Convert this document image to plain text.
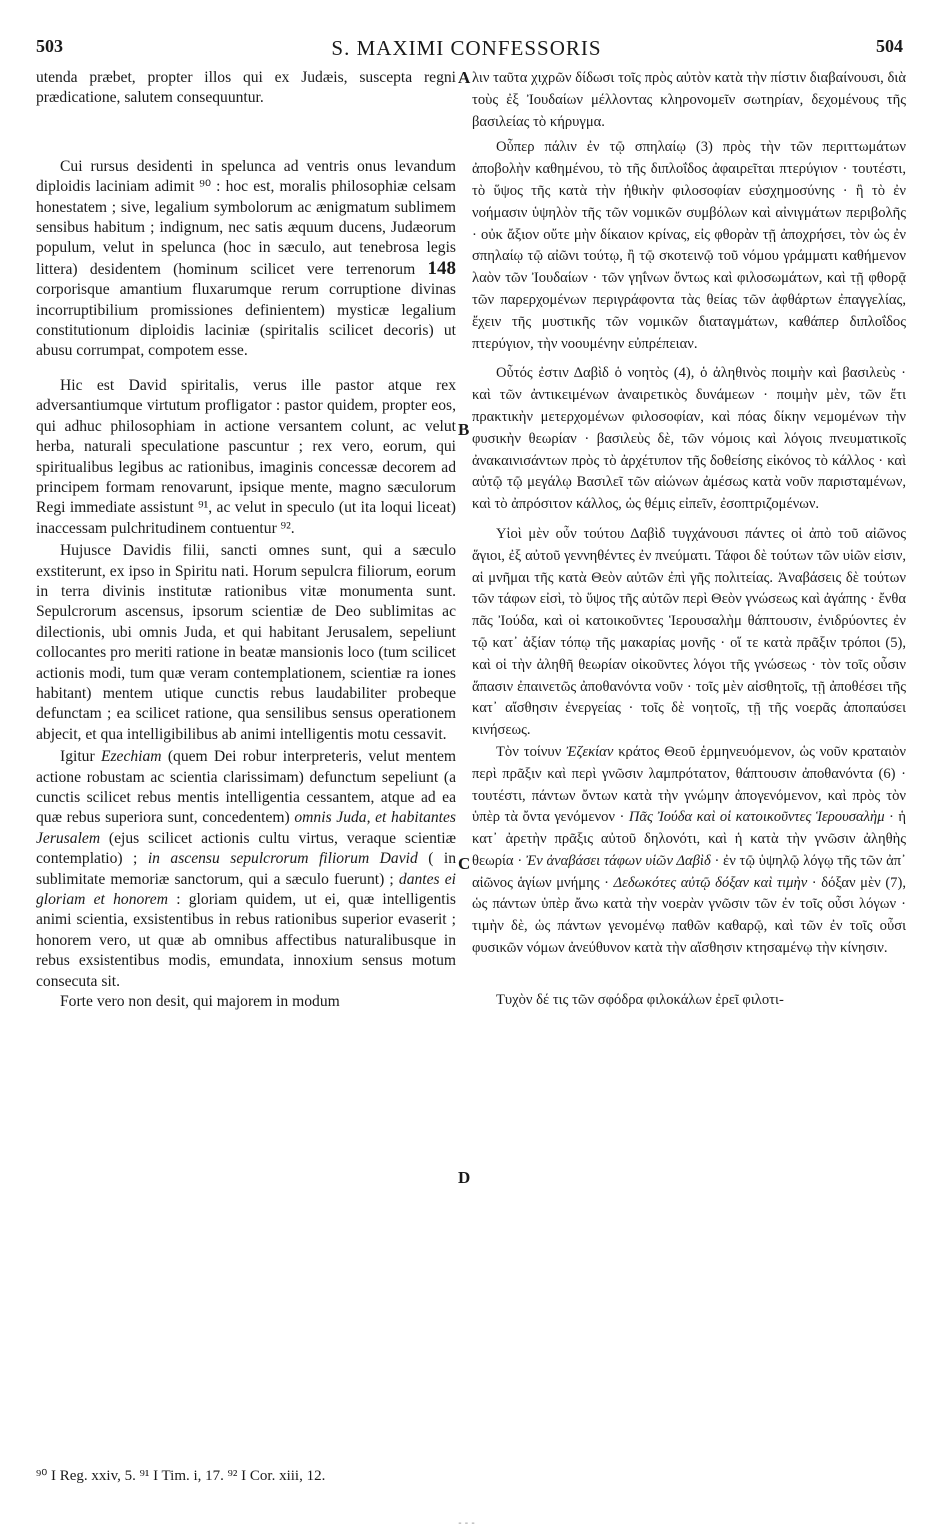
503	S. MAXIMI CONFESSORIS	504
A
B
C
D

utenda præbet, propter illos qui ex Judæis, suscepta regni prædicatione, salutem consequuntur.

Cui rursus desidenti in spelunca ad ventris onus levandum diploidis laciniam adimit ⁹⁰ : hoc est, moralis philosophiæ celsam honestatem ; sive, legalium symbolorum ac ænigmatum sublimem sensibus habitum ; indignum, nec satis æquum ducens, Judæorum populum, velut in spelunca (hoc in sæculo, aut tenebrosa legis littera) desidentem (hominum scilicet vere terrenorum 148 corporisque amantium fluxarumque rerum corruptione divinas incorruptibilium promissiones definientem) mysticæ legalium constitutionum diploidis laciniæ (spiritalis scilicet decoris) ut abusu corrumpat, compotem esse.

Hic est David spiritalis, verus ille pastor atque rex adversantiumque virtutum profligator : pastor quidem, propter eos, qui adhuc philosophiam in actione versantem colunt, ac velut herba, naturali speculatione pascuntur ; rex vero, eorum, qui spiritualibus legibus ac rationibus, imaginis concessæ decorem ad principem formam renovarunt, ipsique mente, magno sæculorum Regi immediate assistunt ⁹¹, ac velut in speculo (ut ita loqui liceat) inaccessam pulchritudinem contuentur ⁹².

Hujusce Davidis filii, sancti omnes sunt, qui a sæculo exstiterunt, ex ipso in Spiritu nati. Horum sepulcra filiorum, eorum in terra divinis institutæ rationibus vitæ monumenta sunt. Sepulcrorum ascensus, ipsorum scientiæ de Deo sublimitas ac dilectionis, ubi omnis Juda, et qui habitant Jerusalem, sepeliunt collocantes pro meriti ratione in beatæ mansionis loco (tum scilicet actionis modi, tum quæ veram contemplationem, scientiæ ra iones habitant) mentem utique cunctis rebus laudabiliter probeque defunctam ; ea scilicet ratione, qua sensilibus sensus operationem abjecit, et qua intelligibilibus ab animi intelligentis motu cessavit.

Igitur Ezechiam (quem Dei robur interpreteris, velut mentem actione robustam ac scientia clarissimam) defunctum sepeliunt (a cunctis scilicet rebus mentis intelligentia cessantem, atque ad ea quæ rebus superiora sunt, concedentem) omnis Juda, et habitantes Jerusalem (ejus scilicet actionis cultu virtus, veraque scientiæ contemplatio) ; in ascensu sepulcrorum filiorum David ( in sublimitate memoriæ sanctorum, qui a sæculo fuerunt) ; dantes ei gloriam et honorem : gloriam quidem, ut ei, quæ intelligentis animi scientia, exsistentibus in rebus rationibus superior evaserit ; honorem vero, ut quæ ab omnibus affectibus naturalibusque in rebus exsistentibus modis, emundata, innoxium sensus motum consecuta sit.

Forte vero non desit, qui majorem in modum

λιν ταῦτα χιχρῶν δίδωσι τοῖς πρὸς αὐτὸν κατὰ τὴν πίστιν διαβαίνουσι, διὰ τοὺς ἐξ Ἰουδαίων μέλλοντας κληρονομεῖν σωτηρίαν, δεχομένους τῆς βασιλείας τὸ κήρυγμα.

Οὗπερ πάλιν ἐν τῷ σπηλαίῳ (3) πρὸς τὴν τῶν περιττωμάτων ἀποβολὴν καθημένου, τὸ τῆς διπλοΐδος ἀφαιρεῖται πτερύγιον · τουτέστι, τὸ ὕψος τῆς κατὰ τὴν ἠθικὴν φιλοσοφίαν εὐσχημοσύνης · ἢ τὸ ἐν νοήμασιν ὑψηλὸν τῆς τῶν νομικῶν συμβόλων καὶ αἰνιγμάτων περιβολῆς · οὐκ ἄξιον οὔτε μὴν δίκαιον κρίνας, εἰς φθορὰν τῇ ἀποχρήσει, τὸν ὡς ἐν σπηλαίῳ τῷ αἰῶνι τούτῳ, ἢ τῷ σκοτεινῷ τοῦ νόμου γράμματι καθήμενον λαὸν τῶν Ἰουδαίων · τῶν γηΐνων ὄντως καὶ φιλοσωμάτων, καὶ τῇ φθορᾷ τῶν παρερχομένων περιγράφοντα τὰς θείας τῶν ἀφθάρτων ἐπαγγελίας, ἔχειν τῆς μυστικῆς τῶν νομικῶν διαταγμάτων, καθάπερ διπλοΐδος πτερύγιον, τὴν νοουμένην εὐπρέπειαν.

Οὗτός ἐστιν Δαβὶδ ὁ νοητὸς (4), ὁ ἀληθινὸς ποιμὴν καὶ βασιλεὺς · καὶ τῶν ἀντικειμένων ἀναιρετικὸς δυνάμεων · ποιμὴν μὲν, τῶν ἔτι πρακτικὴν μετερχομένων φιλοσοφίαν, καὶ πόας δίκην νεμομένων τὴν φυσικὴν θεωρίαν · βασιλεὺς δὲ, τῶν νόμοις καὶ λόγοις πνευματικοῖς ἀνακαινισάντων πρὸς τὸ ἀρχέτυπον τῆς δοθείσης εἰκόνος τὸ κάλλος · καὶ αὐτῷ τῷ μεγάλῳ Βασιλεῖ τῶν αἰώνων ἀμέσως κατὰ νοῦν παρισταμένων, καὶ τὸ ἀπρόσιτον κάλλος, ὡς θέμις εἰπεῖν, ἐσοπτριζομένων.

Υἱοὶ μὲν οὖν τούτου Δαβὶδ τυγχάνουσι πάντες οἱ ἀπὸ τοῦ αἰῶνος ἅγιοι, ἐξ αὐτοῦ γεννηθέντες ἐν πνεύματι. Τάφοι δὲ τούτων τῶν υἱῶν εἰσιν, αἱ μνῆμαι τῆς κατὰ Θεὸν αὐτῶν ἐπὶ γῆς πολιτείας. Ἀναβάσεις δὲ τούτων τῶν τάφων εἰσὶ, τὸ ὕψος τῆς αὐτῶν περὶ Θεὸν γνώσεως καὶ ἀγάπης · ἔνθα πᾶς Ἰούδα, καὶ οἱ κατοικοῦντες Ἱερουσαλὴμ θάπτουσιν, ἐνιδρύοντες ἐν τῷ κατ᾽ ἀξίαν τόπῳ τῆς μακαρίας μονῆς · οἵ τε κατὰ πρᾶξιν τρόποι (5), καὶ οἱ τὴν ἀληθῆ θεωρίαν οἰκοῦντες λόγοι τῆς γνώσεως · τὸν τοῖς οὖσιν ἅπασιν ἐπαινετῶς ἀποθανόντα νοῦν · τοῖς μὲν αἰσθητοῖς, τῇ ἀποθέσει τῆς κατ᾽ αἴσθησιν ἐνεργείας · τοῖς δὲ νοητοῖς, τῇ τῆς νοερᾶς ἀποπαύσει κινήσεως.

Τὸν τοίνυν Ἐζεκίαν κράτος Θεοῦ ἑρμηνευόμενον, ὡς νοῦν κραταιὸν περὶ πρᾶξιν καὶ περὶ γνῶσιν λαμπρότατον, θάπτουσιν ἀποθανόντα (6) · τουτέστι, πάντων ὄντων κατὰ τὴν γνώμην ἀπογενόμενον, καὶ πρὸς τὸν ὑπὲρ τὰ ὄντα γενόμενον · Πᾶς Ἰούδα καὶ οἱ κατοικοῦντες Ἱερουσαλὴμ · ἡ κατ᾽ ἀρετὴν πρᾶξις αὐτοῦ δηλονότι, καὶ ἡ κατὰ τὴν γνῶσιν ἀληθὴς θεωρία · Ἐν ἀναβάσει τάφων υἱῶν Δαβὶδ · ἐν τῷ ὑψηλῷ λόγῳ τῆς τῶν ἀπ᾽ αἰῶνος ἁγίων μνήμης · Δεδωκότες αὐτῷ δόξαν καὶ τιμὴν · δόξαν μὲν (7), ὡς πάντων ὑπὲρ ἄνω κατὰ τὴν νοερὰν γνῶσιν τῶν ἐν τοῖς οὖσι λόγων · τιμὴν δὲ, ὡς πάντων γενομένῳ παθῶν καθαρῷ, καὶ τῶν ἐν τοῖς οὖσι φυσικῶν νόμων ἀνεύθυνον κατὰ τὴν αἴσθησιν κτησαμένῳ τὴν κίνησιν.

Τυχὸν δέ τις τῶν σφόδρα φιλοκάλων ἐρεῖ φιλοτι-

⁹⁰ I Reg. xxiv, 5. ⁹¹ I Tim. i, 17. ⁹² I Cor. xiii, 12.
- - -
